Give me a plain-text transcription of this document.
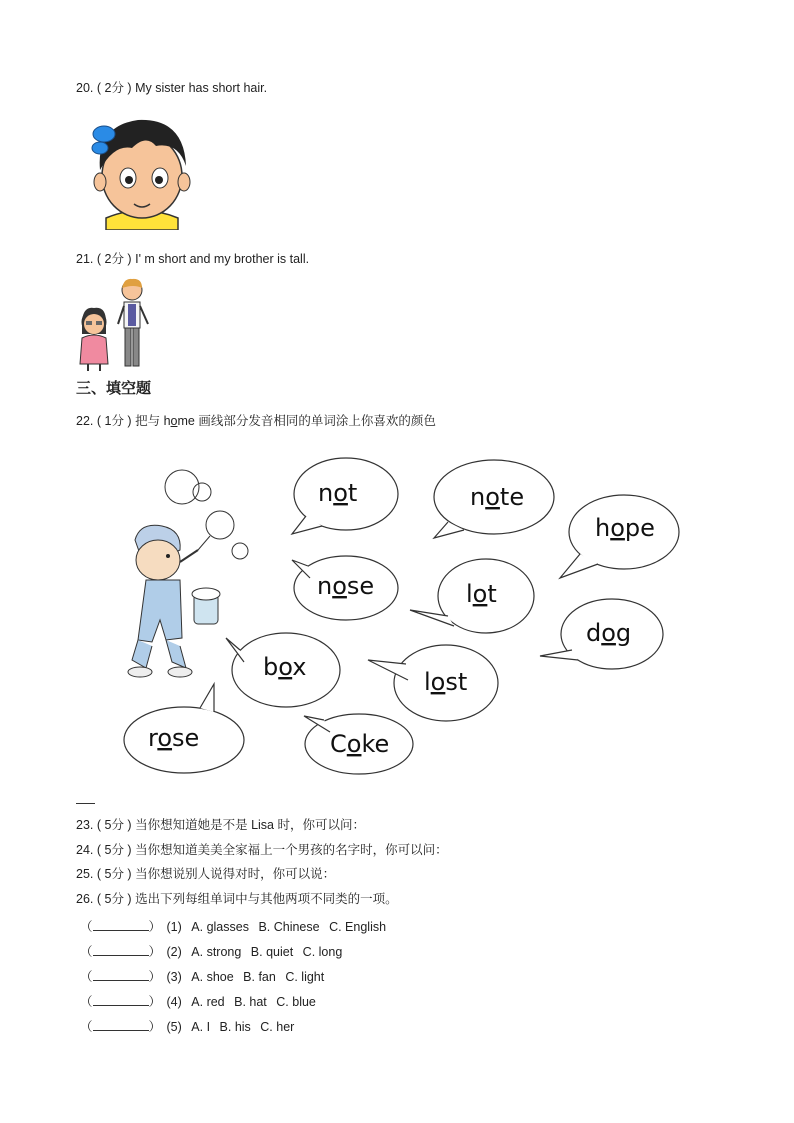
20. ( 2分 ) My sister has short hair.
21. ( 2分 ) I' m short and my brother is tall.
三、填空题
22. ( 1分 ) 把与 home 画线部分发音相同的单词涂上你喜欢的颜色
not	note
hope
nose	lot
dog
box
lost
rose	Coke
23. ( 5分 ) 当你想知道她是不是 Lisa 时，你可以问：
24. ( 5分 ) 当你想知道美美全家福上一个男孩的名字时，你可以问：
25. ( 5分 ) 当你想说别人说得对时，你可以说：
26. ( 5分 ) 选出下列每组单词中与其他两项不同类的一项。
（	） (1) A. glasses B. Chinese C. English
（	） (2) A. strong B. quiet C. long
（	） (3) A. shoe B. fan C. light
（	） (4) A. red B. hat C. blue
（	） (5) A. I B. his C. her
